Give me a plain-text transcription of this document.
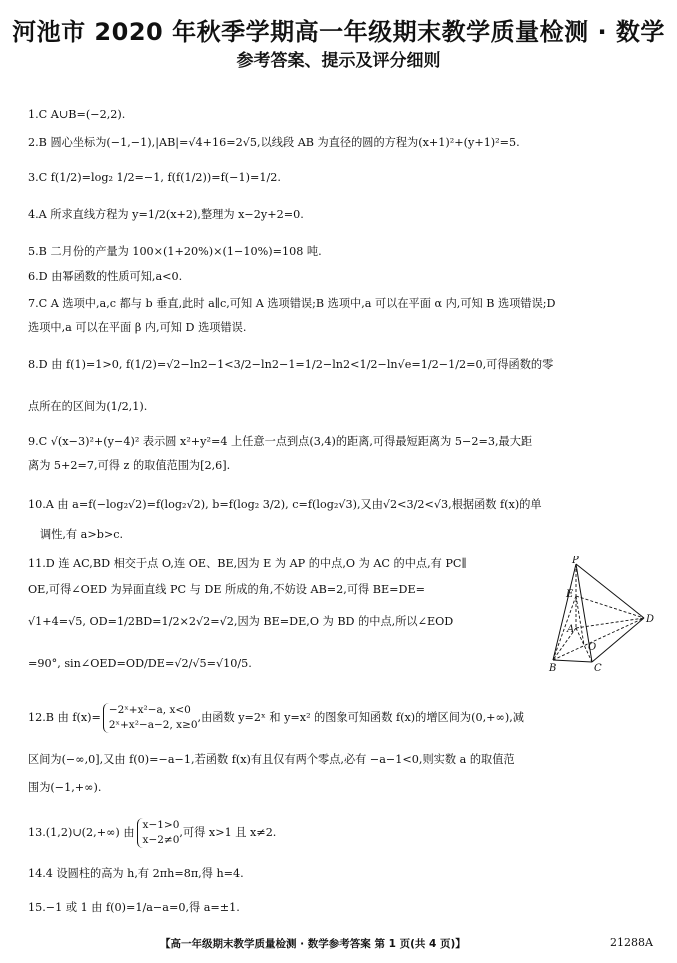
河池市 2020 年秋季学期高一年级期末教学质量检测 · 数学
参考答案、提示及评分细则
1.C A∪B=(−2,2).
2.B 圆心坐标为(−1,−1),|AB|=√4+16=2√5,以线段 AB 为直径的圆的方程为(x+1)²+(y+1)²=5.
3.C f(1/2)=log₂ 1/2=−1, f(f(1/2))=f(−1)=1/2.
4.A 所求直线方程为 y=1/2(x+2),整理为 x−2y+2=0.
5.B 二月份的产量为 100×(1+20%)×(1−10%)=108 吨.
6.D 由幂函数的性质可知,a<0.
7.C A 选项中,a,c 都与 b 垂直,此时 a∥c,可知 A 选项错误;B 选项中,a 可以在平面 α 内,可知 B 选项错误;D
选项中,a 可以在平面 β 内,可知 D 选项错误.
8.D 由 f(1)=1>0, f(1/2)=√2−ln2−1<3/2−ln2−1=1/2−ln2<1/2−ln√e=1/2−1/2=0,可得函数的零
点所在的区间为(1/2,1).
9.C √(x−3)²+(y−4)² 表示圆 x²+y²=4 上任意一点到点(3,4)的距离,可得最短距离为 5−2=3,最大距
离为 5+2=7,可得 z 的取值范围为[2,6].
10.A 由 a=f(−log₂√2)=f(log₂√2), b=f(log₂ 3/2), c=f(log₂√3),又由√2<3/2<√3,根据函数 f(x)的单
调性,有 a>b>c.
11.D 连 AC,BD 相交于点 O,连 OE、BE,因为 E 为 AP 的中点,O 为 AC 的中点,有 PC∥
OE,可得∠OED 为异面直线 PC 与 DE 所成的角,不妨设 AB=2,可得 BE=DE=
√1+4=√5, OD=1/2BD=1/2×2√2=√2,因为 BE=DE,O 为 BD 的中点,所以∠EOD
=90°, sin∠OED=OD/DE=√2/√5=√10/5.
12.B 由 f(x)=
−2ˣ+x²−a, x<0
2ˣ+x²−a−2, x≥0
,由函数 y=2ˣ 和 y=x² 的图象可知函数 f(x)的增区间为(0,+∞),减
区间为(−∞,0],又由 f(0)=−a−1,若函数 f(x)有且仅有两个零点,必有 −a−1<0,则实数 a 的取值范
围为(−1,+∞).
13.(1,2)∪(2,+∞) 由
x−1>0
x−2≠0
,可得 x>1 且 x≠2.
14.4 设圆柱的高为 h,有 2πh=8π,得 h=4.
15.−1 或 1 由 f(0)=1/a−a=0,得 a=±1.
P
E
A
D
O
B	C
【高一年级期末教学质量检测 · 数学参考答案 第 1 页(共 4 页)】	21288A
